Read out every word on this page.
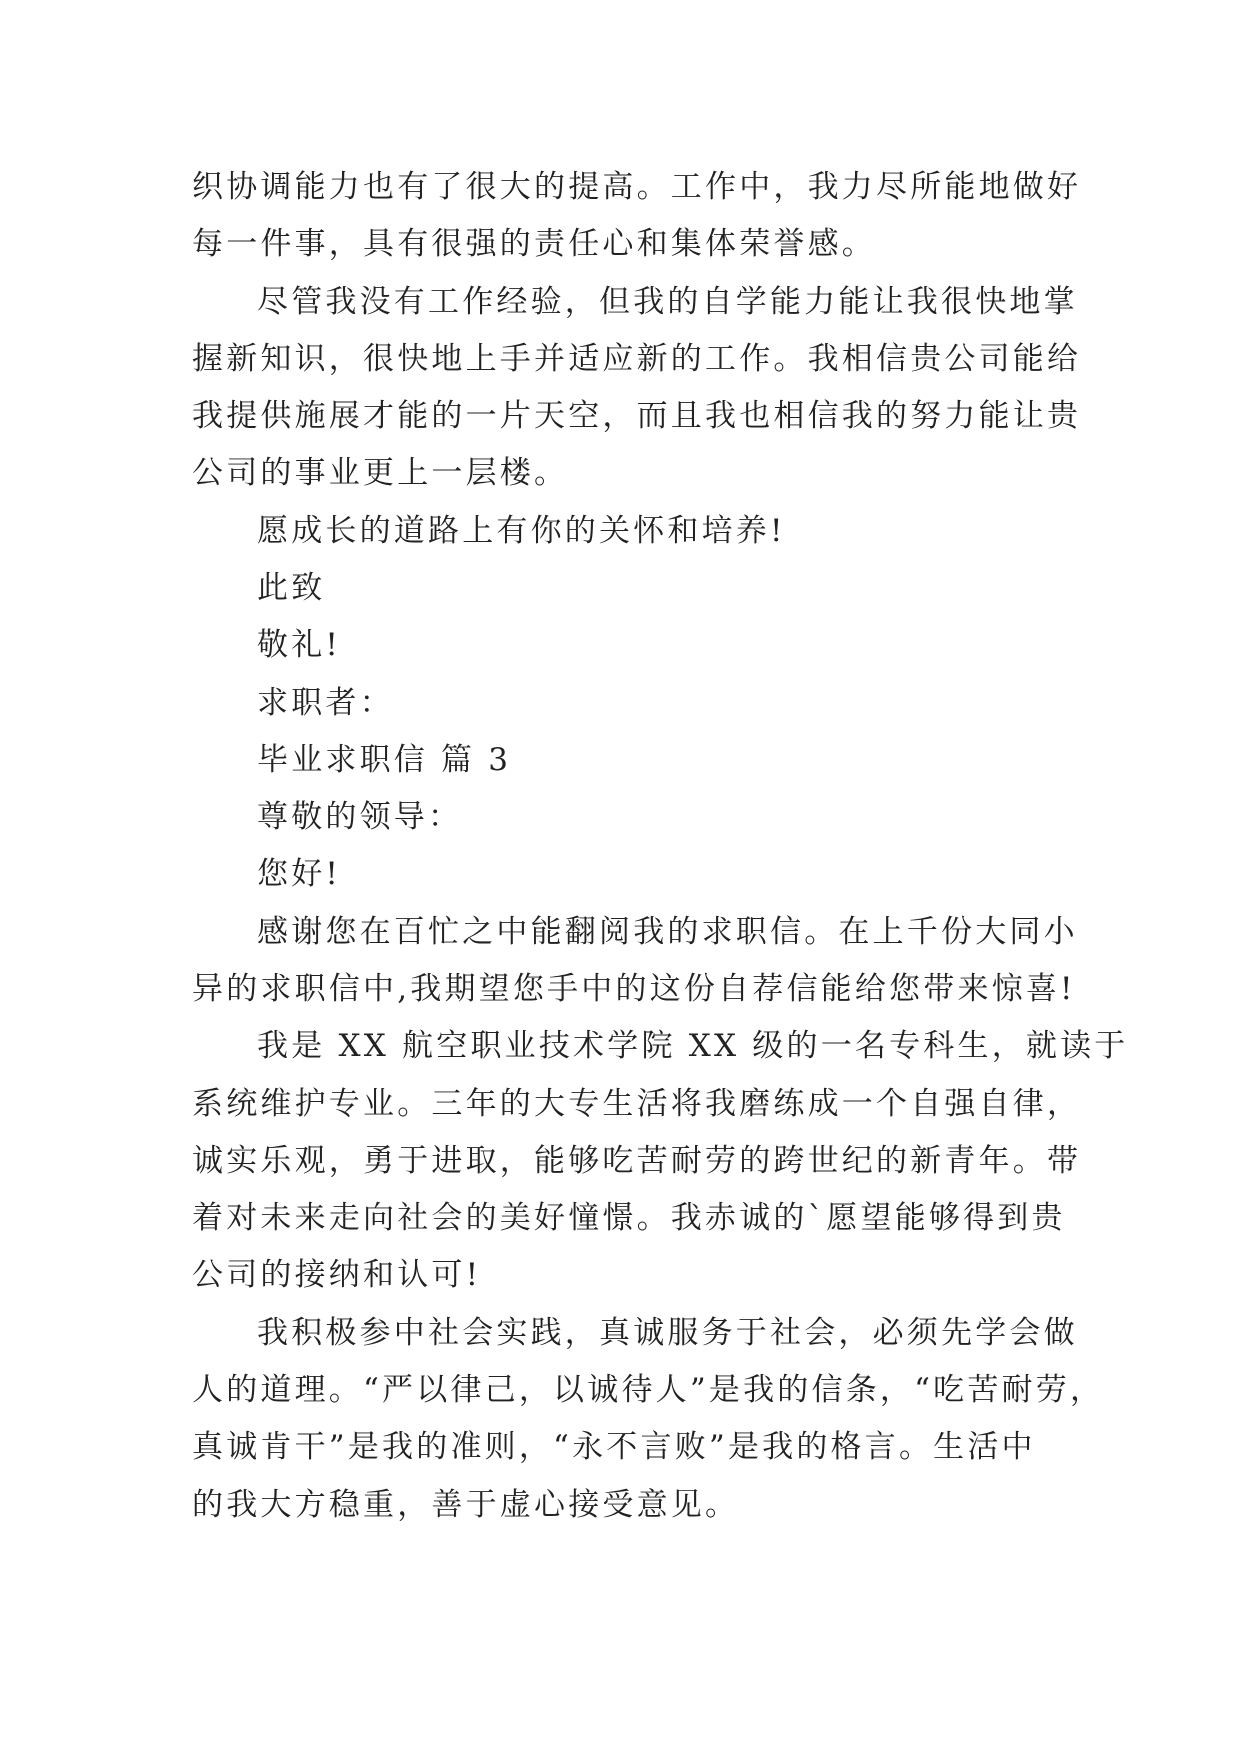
织协调能力也有了很大的提高。工作中，我力尽所能地做好
每一件事，具有很强的责任心和集体荣誉感。
尽管我没有工作经验，但我的自学能力能让我很快地掌
握新知识，很快地上手并适应新的工作。我相信贵公司能给
我提供施展才能的一片天空，而且我也相信我的努力能让贵
公司的事业更上一层楼。
愿成长的道路上有你的关怀和培养!
此致
敬礼!
求职者：
毕业求职信 篇 3
尊敬的领导：
您好!
感谢您在百忙之中能翻阅我的求职信。在上千份大同小
异的求职信中,我期望您手中的这份自荐信能给您带来惊喜!
我是 XX 航空职业技术学院 XX 级的一名专科生，就读于
系统维护专业。三年的大专生活将我磨练成一个自强自律，
诚实乐观，勇于进取，能够吃苦耐劳的跨世纪的新青年。带
着对未来走向社会的美好憧憬。我赤诚的`愿望能够得到贵
公司的接纳和认可!
我积极参中社会实践，真诚服务于社会，必须先学会做
人的道理。“严以律己，以诚待人”是我的信条，“吃苦耐劳，
真诚肯干”是我的准则，“永不言败”是我的格言。生活中
的我大方稳重，善于虚心接受意见。
